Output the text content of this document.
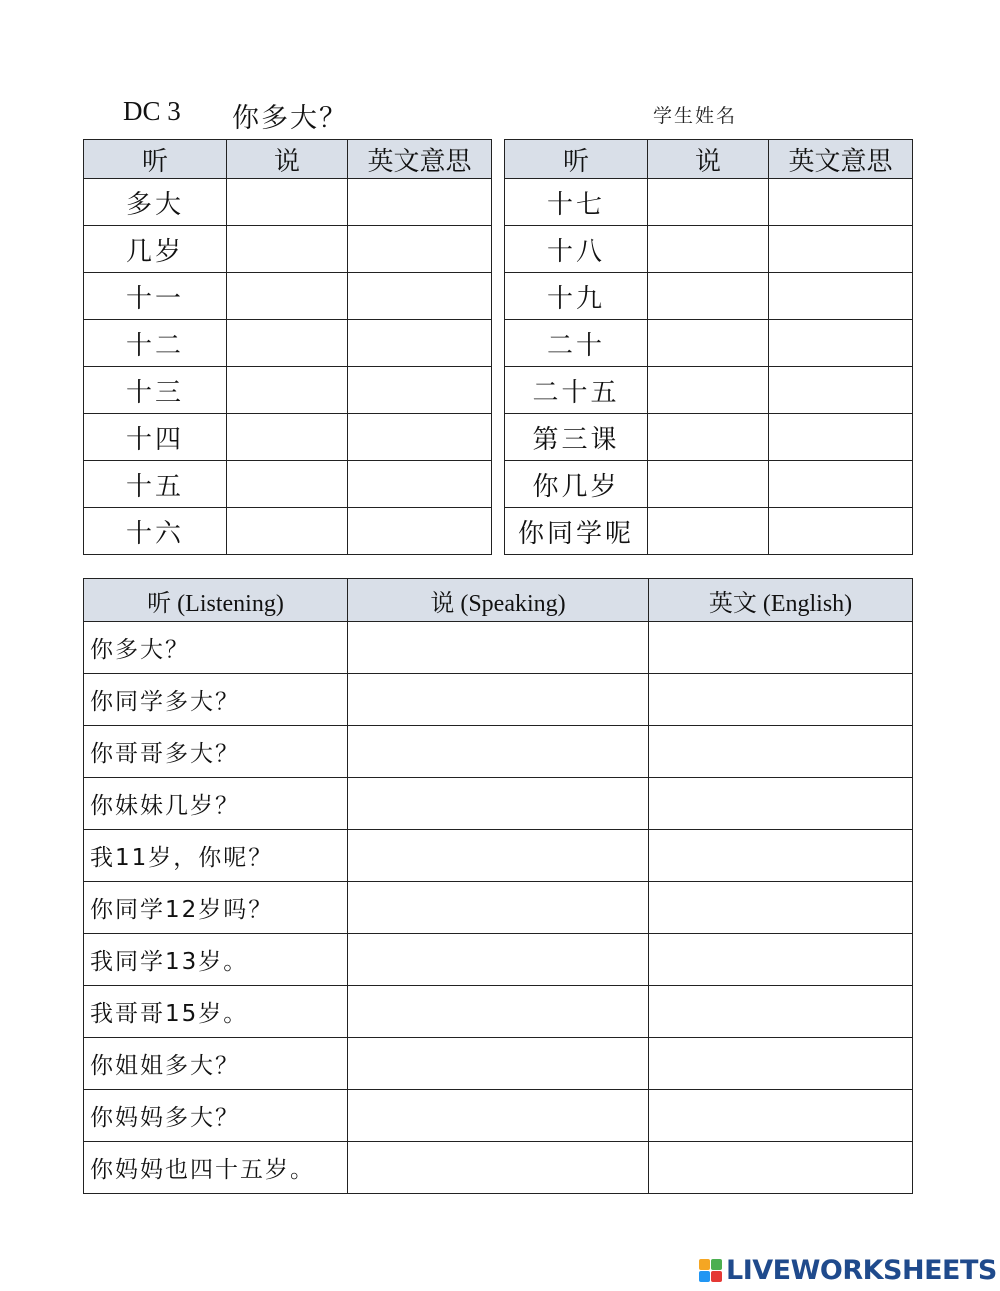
DC 3 你多大？	学生姓名
听	说	英文意思
多大		
几岁		
十一		
十二		
十三		
十四		
十五		
十六		
听	说	英文意思
十七		
十八		
十九		
二十		
二十五		
第三课		
你几岁		
你同学呢		
听 (Listening)	说 (Speaking)	英文 (English)
你多大？		
你同学多大？		
你哥哥多大？		
你妹妹几岁？		
我11岁，你呢？		
你同学12岁吗？		
我同学13岁。		
我哥哥15岁。		
你姐姐多大？		
你妈妈多大？		
你妈妈也四十五岁。		
LIVEWORKSHEETS
